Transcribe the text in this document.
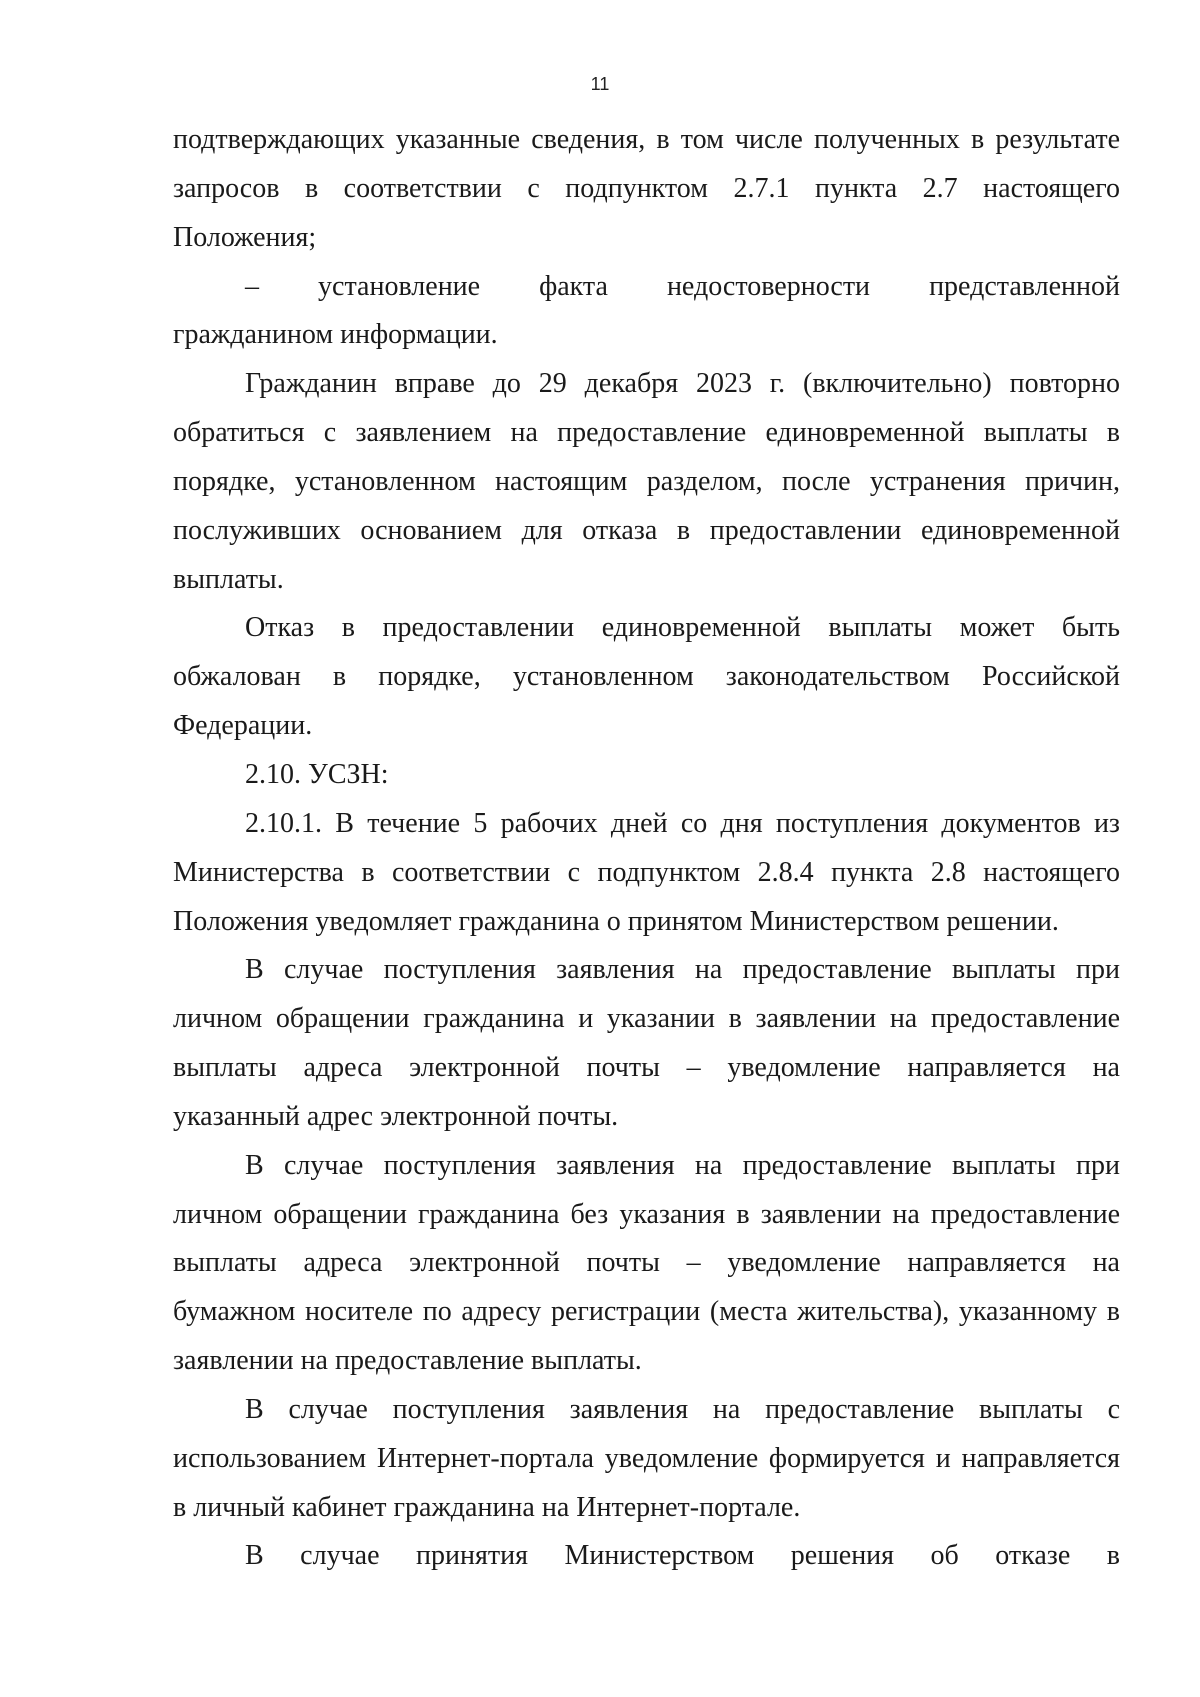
11
подтверждающих указанные сведения, в том числе полученных в результате
запросов в соответствии с подпунктом 2.7.1 пункта 2.7 настоящего
Положения;
– установление факта недостоверности представленной
гражданином информации.
Гражданин вправе до 29 декабря 2023 г. (включительно) повторно
обратиться с заявлением на предоставление единовременной выплаты в
порядке, установленном настоящим разделом, после устранения причин,
послуживших основанием для отказа в предоставлении единовременной
выплаты.
Отказ в предоставлении единовременной выплаты может быть
обжалован в порядке, установленном законодательством Российской
Федерации.
2.10. УСЗН:
2.10.1. В течение 5 рабочих дней со дня поступления документов из
Министерства в соответствии с подпунктом 2.8.4 пункта 2.8 настоящего
Положения уведомляет гражданина о принятом Министерством решении.
В случае поступления заявления на предоставление выплаты при
личном обращении гражданина и указании в заявлении на предоставление
выплаты адреса электронной почты – уведомление направляется на
указанный адрес электронной почты.
В случае поступления заявления на предоставление выплаты при
личном обращении гражданина без указания в заявлении на предоставление
выплаты адреса электронной почты – уведомление направляется на
бумажном носителе по адресу регистрации (места жительства), указанному в
заявлении на предоставление выплаты.
В случае поступления заявления на предоставление выплаты с
использованием Интернет-портала уведомление формируется и направляется
в личный кабинет гражданина на Интернет-портале.
В случае принятия Министерством решения об отказе в
